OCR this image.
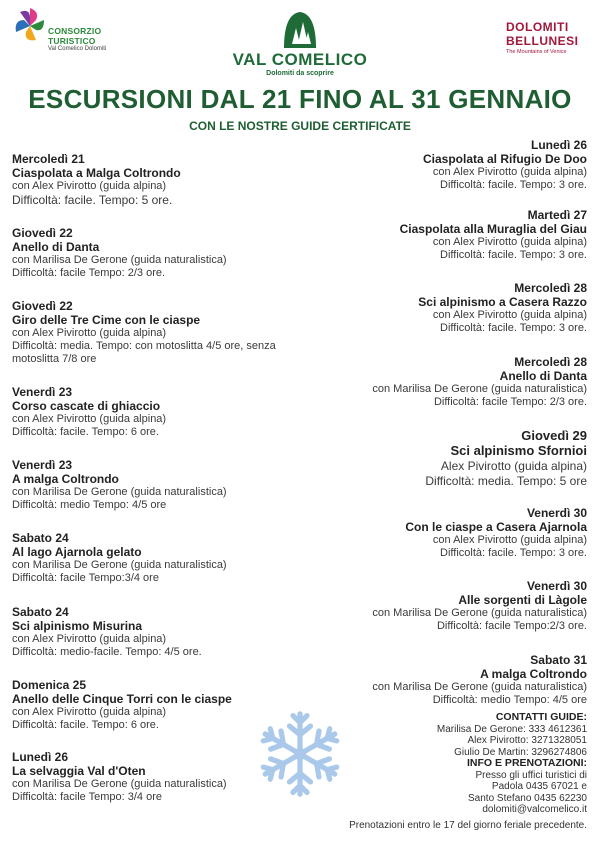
CONSORZIO
TURISTICO
Val Comelico Dolomiti
VAL COMELICO
Dolomiti da scoprire
DOLOMITI
BELLUNESI
The Mountains of Venice
ESCURSIONI DAL 21 FINO AL 31 GENNAIO
CON LE NOSTRE GUIDE CERTIFICATE
Mercoledì 21
Ciaspolata a Malga Coltrondo
con Alex Pivirotto (guida alpina)
Difficoltà: facile. Tempo: 5 ore.
Giovedì 22
Anello di Danta
con Marilisa De Gerone (guida naturalistica)
Difficoltà: facile Tempo: 2/3 ore.
Giovedì 22
Giro delle Tre Cime con le ciaspe
con Alex Pivirotto (guida alpina)
Difficoltà: media. Tempo: con motoslitta 4/5 ore, senza motoslitta 7/8 ore
Venerdì 23
Corso cascate di ghiaccio
con Alex Pivirotto (guida alpina)
Difficoltà: facile. Tempo: 6 ore.
Venerdì 23
A malga Coltrondo
con Marilisa De Gerone (guida naturalistica)
Difficoltà: medio Tempo: 4/5 ore
Sabato 24
Al lago Ajarnola gelato
con Marilisa De Gerone (guida naturalistica)
Difficoltà: facile Tempo:3/4 ore
Sabato 24
Sci alpinismo Misurina
con Alex Pivirotto (guida alpina)
Difficoltà: medio-facile. Tempo: 4/5 ore.
Domenica 25
Anello delle Cinque Torri con le ciaspe
con Alex Pivirotto (guida alpina)
Difficoltà: facile. Tempo: 6 ore.
Lunedì 26
La selvaggia Val d'Oten
con Marilisa De Gerone (guida naturalistica)
Difficoltà: facile Tempo: 3/4 ore
Lunedì 26
Ciaspolata al Rifugio De Doo
con Alex Pivirotto (guida alpina)
Difficoltà: facile. Tempo: 3 ore.
Martedì 27
Ciaspolata alla Muraglia del Giau
con Alex Pivirotto (guida alpina)
Difficoltà: facile. Tempo: 3 ore.
Mercoledì 28
Sci alpinismo a Casera Razzo
con Alex Pivirotto (guida alpina)
Difficoltà: facile. Tempo: 3 ore.
Mercoledì 28
Anello di Danta
con Marilisa De Gerone (guida naturalistica)
Difficoltà: facile Tempo: 2/3 ore.
Giovedì 29
Sci alpinismo Sfornioi
Alex Pivirotto (guida alpina)
Difficoltà: media. Tempo: 5 ore
Venerdì 30
Con le ciaspe a Casera Ajarnola
con Alex Pivirotto (guida alpina)
Difficoltà: facile. Tempo: 3 ore.
Venerdì 30
Alle sorgenti di Làgole
con Marilisa De Gerone (guida naturalistica)
Difficoltà: facile Tempo:2/3 ore.
Sabato 31
A malga Coltrondo
con Marilisa De Gerone (guida naturalistica)
Difficoltà: medio Tempo: 4/5 ore
CONTATTI GUIDE:
Marilisa De Gerone: 333 4612361
Alex Pivirotto: 3271328051
Giulio De Martin: 3296274806
INFO E PRENOTAZIONI:
Presso gli uffici turistici di
Padola 0435 67021 e
Santo Stefano 0435 62230
dolomiti@valcomelico.it
Prenotazioni entro le 17 del giorno feriale precedente.
